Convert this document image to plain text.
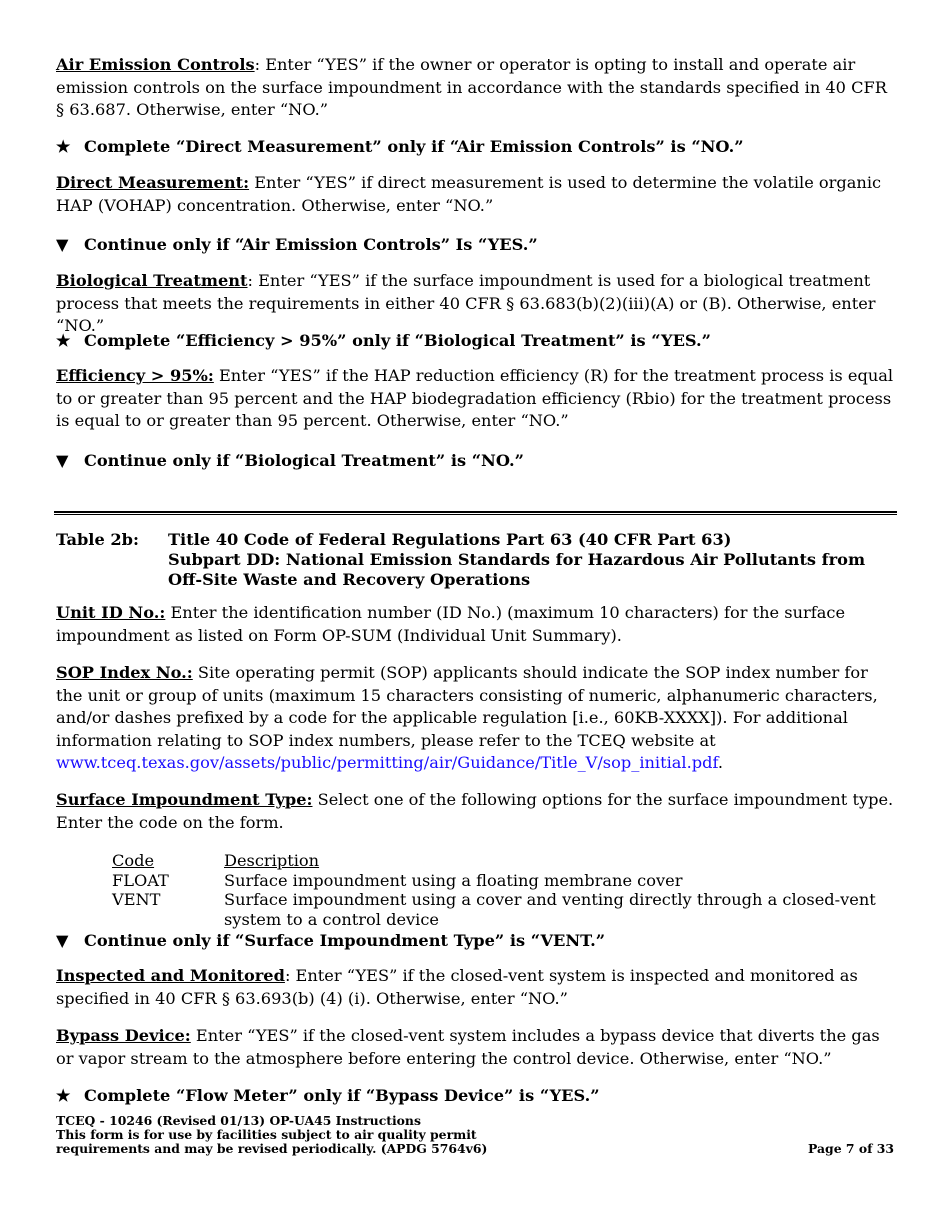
Air Emission Controls: Enter “YES” if the owner or operator is opting to install and operate air emission controls on the surface impoundment in accordance with the standards specified in 40 CFR § 63.687. Otherwise, enter “NO.”

★ Complete “Direct Measurement” only if “Air Emission Controls” is “NO.”

Direct Measurement: Enter “YES” if direct measurement is used to determine the volatile organic HAP (VOHAP) concentration. Otherwise, enter “NO.”

▼ Continue only if “Air Emission Controls” Is “YES.”

Biological Treatment: Enter “YES” if the surface impoundment is used for a biological treatment process that meets the requirements in either 40 CFR § 63.683(b)(2)(iii)(A) or (B). Otherwise, enter “NO.”

★ Complete “Efficiency > 95%” only if “Biological Treatment” is “YES.”

Efficiency > 95%: Enter “YES” if the HAP reduction efficiency (R) for the treatment process is equal to or greater than 95 percent and the HAP biodegradation efficiency (Rbio) for the treatment process is equal to or greater than 95 percent. Otherwise, enter “NO.”

▼ Continue only if “Biological Treatment” is “NO.”
Table 2b:	Title 40 Code of Federal Regulations Part 63 (40 CFR Part 63)
Subpart DD: National Emission Standards for Hazardous Air Pollutants from Off-Site Waste and Recovery Operations

Unit ID No.: Enter the identification number (ID No.) (maximum 10 characters) for the surface impoundment as listed on Form OP-SUM (Individual Unit Summary).

SOP Index No.: Site operating permit (SOP) applicants should indicate the SOP index number for the unit or group of units (maximum 15 characters consisting of numeric, alphanumeric characters, and/or dashes prefixed by a code for the applicable regulation [i.e., 60KB-XXXX]). For additional information relating to SOP index numbers, please refer to the TCEQ website at
www.tceq.texas.gov/assets/public/permitting/air/Guidance/Title_V/sop_initial.pdf.

Surface Impoundment Type: Select one of the following options for the surface impoundment type. Enter the code on the form.

Code	Description
FLOAT	Surface impoundment using a floating membrane cover
VENT	Surface impoundment using a cover and venting directly through a closed-vent system to a control device
▼ Continue only if “Surface Impoundment Type” is “VENT.”

Inspected and Monitored: Enter “YES” if the closed-vent system is inspected and monitored as specified in 40 CFR § 63.693(b) (4) (i). Otherwise, enter “NO.”

Bypass Device: Enter “YES” if the closed-vent system includes a bypass device that diverts the gas or vapor stream to the atmosphere before entering the control device. Otherwise, enter “NO.”

★ Complete “Flow Meter” only if “Bypass Device” is “YES.”
TCEQ - 10246 (Revised 01/13) OP-UA45 Instructions
This form is for use by facilities subject to air quality permit
requirements and may be revised periodically. (APDG 5764v6)	Page 7 of 33
